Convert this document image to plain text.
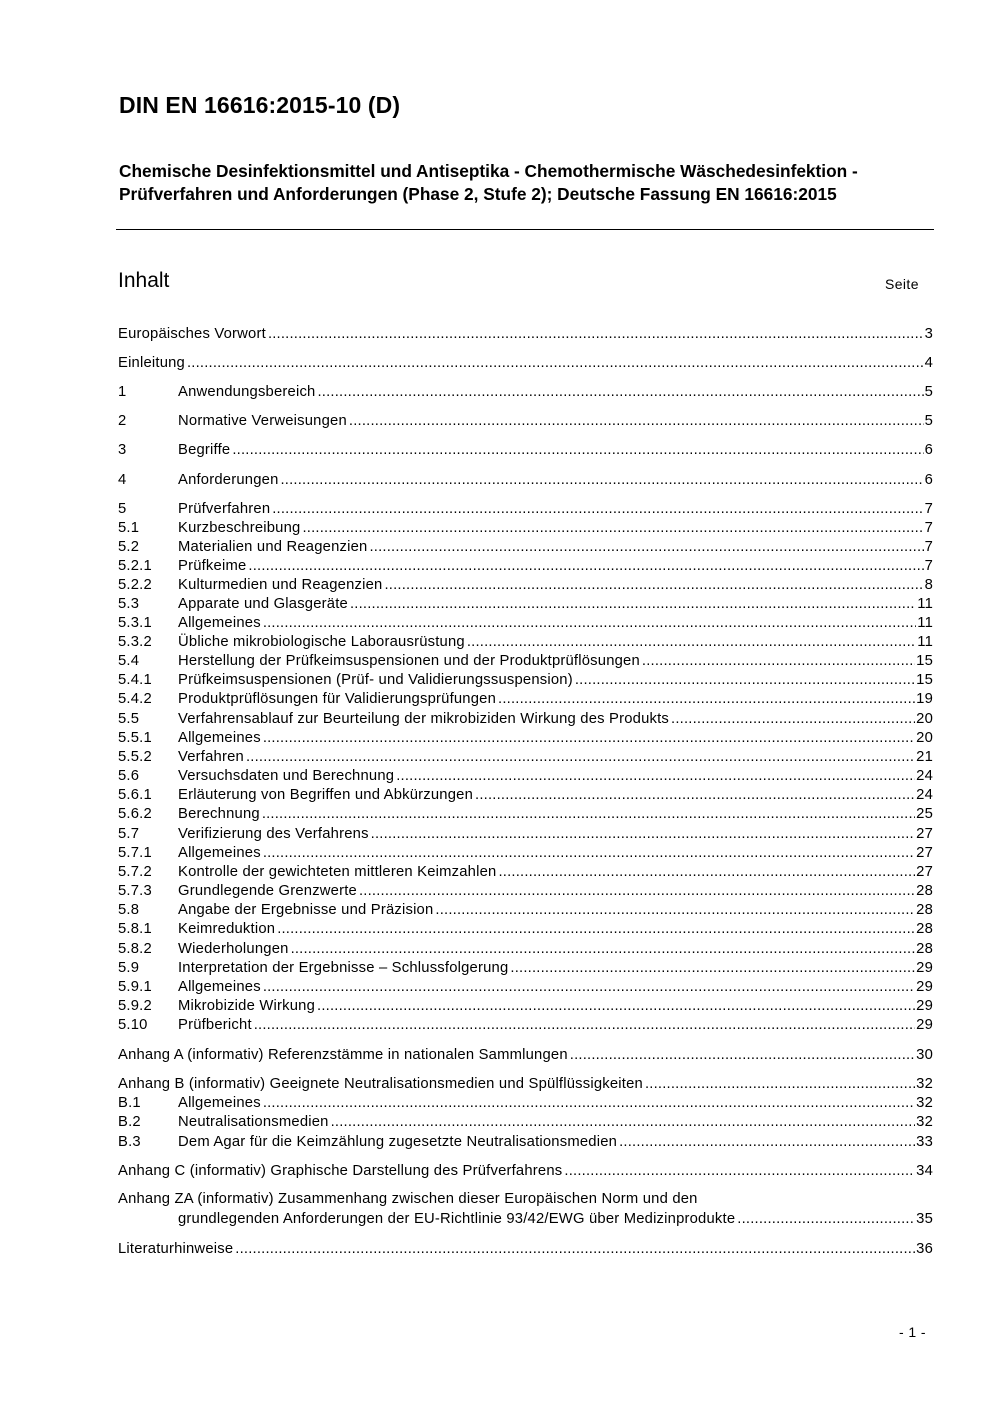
DIN EN 16616:2015-10 (D)
Chemische Desinfektionsmittel und Antiseptika - Chemothermische Wäschedesinfektion - Prüfverfahren und Anforderungen (Phase 2, Stufe 2); Deutsche Fassung EN 16616:2015
Inhalt	Seite
Europäisches Vorwort .....	3
Einleitung .....	4
1	Anwendungsbereich .....	5
2	Normative Verweisungen .....	5
3	Begriffe .....	6
4	Anforderungen .....	6
5	Prüfverfahren .....	7
5.1	Kurzbeschreibung .....	7
5.2	Materialien und Reagenzien .....	7
5.2.1 Prüfkeime .....	7
5.2.2 Kulturmedien und Reagenzien .....	8
5.3	Apparate und Glasgeräte .....	11
5.3.1 Allgemeines .....	11
5.3.2 Übliche mikrobiologische Laborausrüstung .....	11
5.4	Herstellung der Prüfkeimsuspensionen und der Produktprüflösungen .....	15
5.4.1 Prüfkeimsuspensionen (Prüf- und Validierungssuspension) .....	15
5.4.2 Produktprüflösungen für Validierungsprüfungen .....	19
5.5	Verfahrensablauf zur Beurteilung der mikrobiziden Wirkung des Produkts .....	20
5.5.1 Allgemeines .....	20
5.5.2 Verfahren .....	21
5.6	Versuchsdaten und Berechnung .....	24
5.6.1 Erläuterung von Begriffen und Abkürzungen .....	24
5.6.2 Berechnung .....	25
5.7	Verifizierung des Verfahrens .....	27
5.7.1 Allgemeines .....	27
5.7.2 Kontrolle der gewichteten mittleren Keimzahlen .....	27
5.7.3 Grundlegende Grenzwerte .....	28
5.8	Angabe der Ergebnisse und Präzision .....	28
5.8.1 Keimreduktion .....	28
5.8.2 Wiederholungen .....	28
5.9	Interpretation der Ergebnisse – Schlussfolgerung .....	29
5.9.1 Allgemeines .....	29
5.9.2 Mikrobizide Wirkung .....	29
5.10 Prüfbericht .....	29
Anhang A (informativ) Referenzstämme in nationalen Sammlungen .....	30
Anhang B (informativ) Geeignete Neutralisationsmedien und Spülflüssigkeiten .....	32
B.1	Allgemeines .....	32
B.2	Neutralisationsmedien .....	32
B.3	Dem Agar für die Keimzählung zugesetzte Neutralisationsmedien .....	33
Anhang C (informativ) Graphische Darstellung des Prüfverfahrens .....	34
Anhang ZA (informativ) Zusammenhang zwischen dieser Europäischen Norm und den
grundlegenden Anforderungen der EU-Richtlinie 93/42/EWG über Medizinprodukte .....	35
Literaturhinweise .....	36
- 1 -
